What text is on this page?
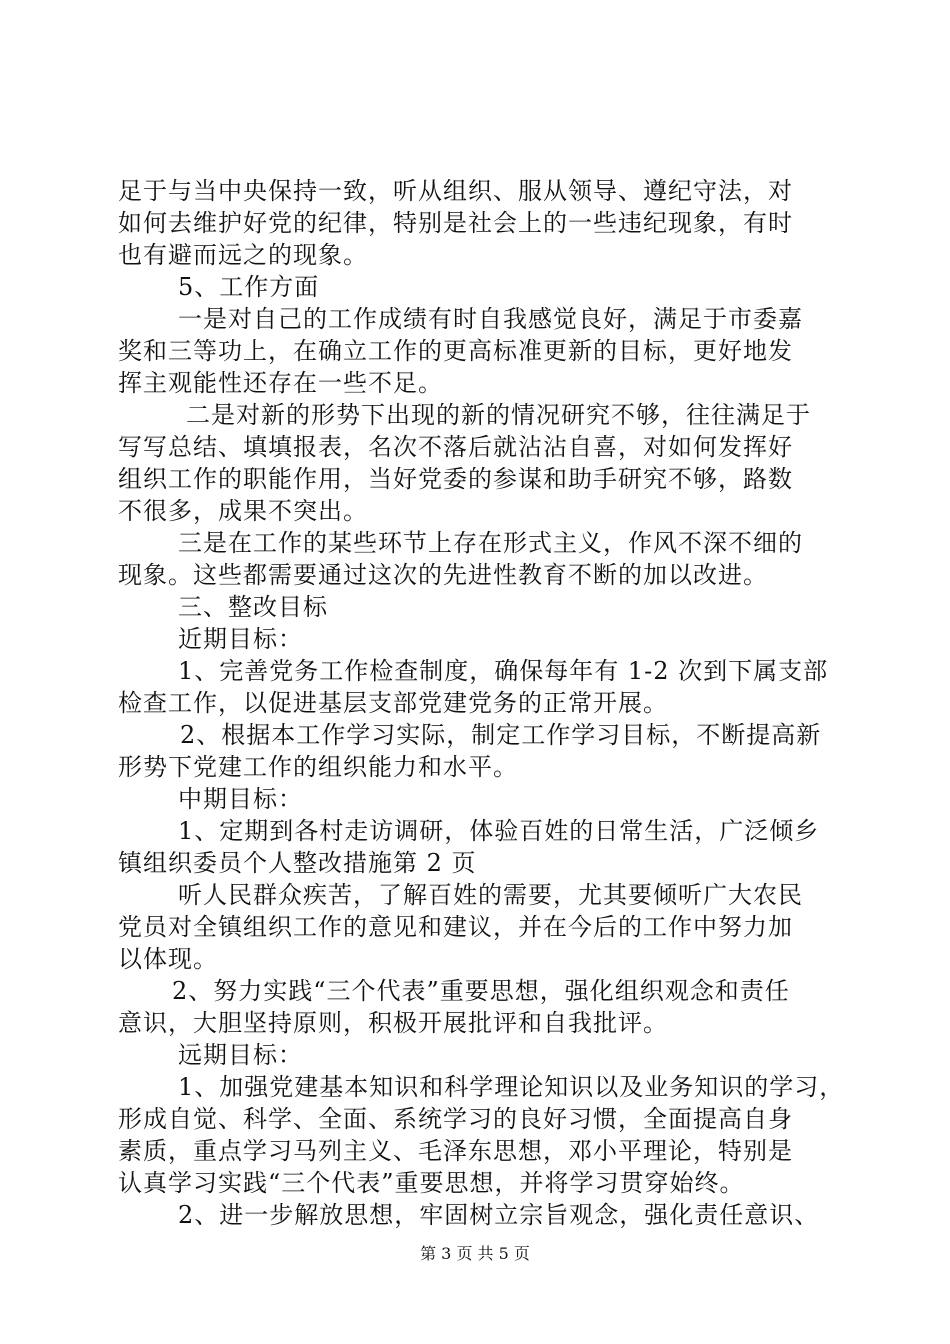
足于与当中央保持一致，听从组织、服从领导、遵纪守法，对
如何去维护好党的纪律，特别是社会上的一些违纪现象，有时
也有避而远之的现象。
5、工作方面
一是对自己的工作成绩有时自我感觉良好，满足于市委嘉
奖和三等功上，在确立工作的更高标准更新的目标，更好地发
挥主观能性还存在一些不足。
二是对新的形势下出现的新的情况研究不够，往往满足于
写写总结、填填报表，名次不落后就沾沾自喜，对如何发挥好
组织工作的职能作用，当好党委的参谋和助手研究不够，路数
不很多，成果不突出。
三是在工作的某些环节上存在形式主义，作风不深不细的
现象。这些都需要通过这次的先进性教育不断的加以改进。
三、整改目标
近期目标：
1、完善党务工作检查制度，确保每年有 1-2 次到下属支部
检查工作，以促进基层支部党建党务的正常开展。
2、根据本工作学习实际，制定工作学习目标，不断提高新
形势下党建工作的组织能力和水平。
中期目标：
1、定期到各村走访调研，体验百姓的日常生活，广泛倾乡
镇组织委员个人整改措施第 2 页
听人民群众疾苦，了解百姓的需要，尤其要倾听广大农民
党员对全镇组织工作的意见和建议，并在今后的工作中努力加
以体现。
2、努力实践“三个代表”重要思想，强化组织观念和责任
意识，大胆坚持原则，积极开展批评和自我批评。
远期目标：
1、加强党建基本知识和科学理论知识以及业务知识的学习，
形成自觉、科学、全面、系统学习的良好习惯，全面提高自身
素质，重点学习马列主义、毛泽东思想，邓小平理论，特别是
认真学习实践“三个代表”重要思想，并将学习贯穿始终。
2、进一步解放思想，牢固树立宗旨观念，强化责任意识、
第 3 页 共 5 页
